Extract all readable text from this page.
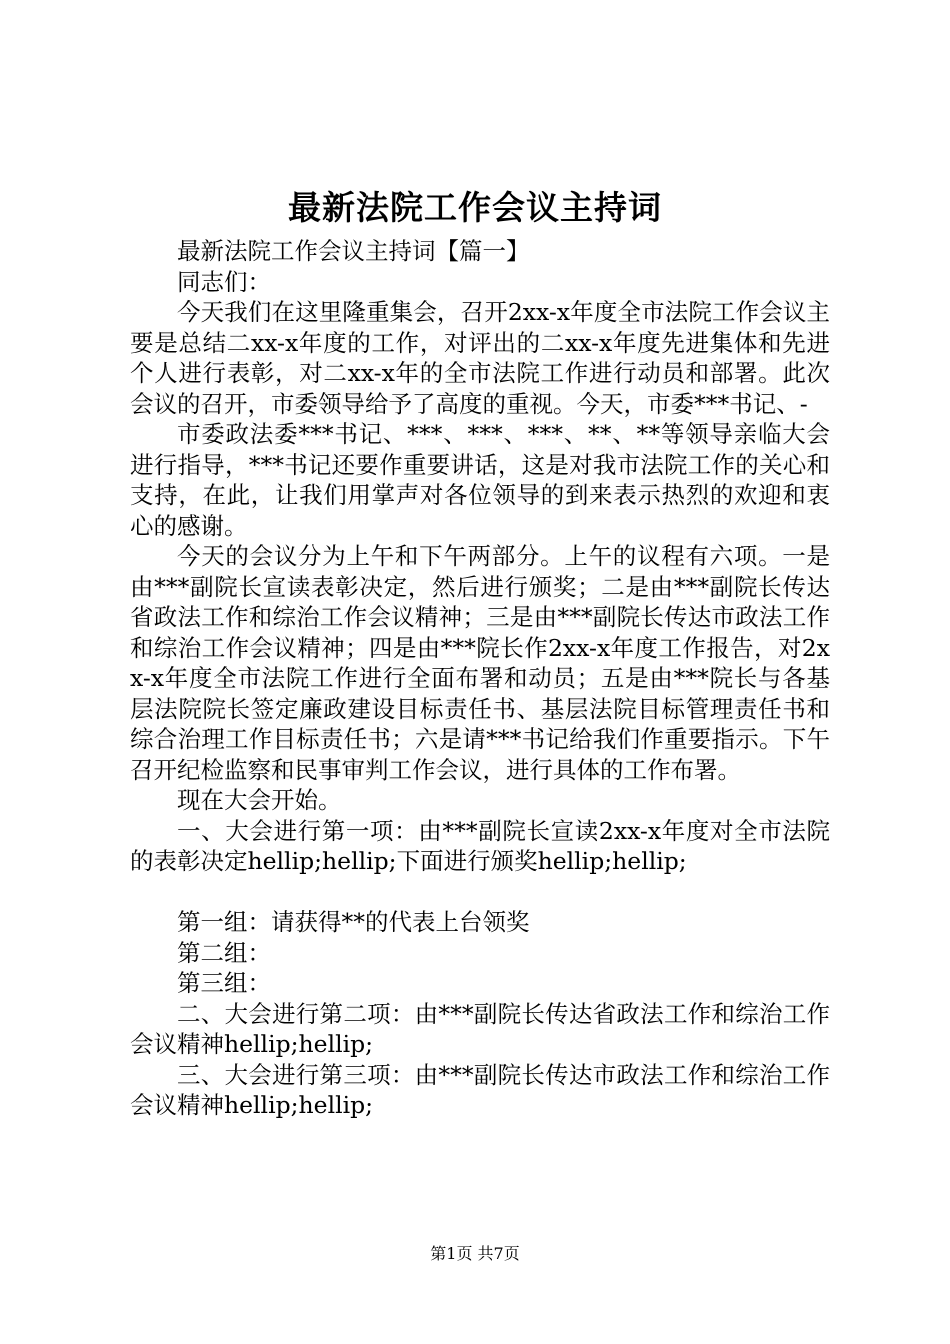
最新法院工作会议主持词

最新法院工作会议主持词【篇一】

同志们：

今天我们在这里隆重集会，召开2xx-x年度全市法院工作会议主要是总结二xx-x年度的工作，对评出的二xx-x年度先进集体和先进个人进行表彰，对二xx-x年的全市法院工作进行动员和部署。此次会议的召开，市委领导给予了高度的重视。今天，市委***书记、-

市委政法委***书记、***、***、***、**、**等领导亲临大会进行指导，***书记还要作重要讲话，这是对我市法院工作的关心和支持，在此，让我们用掌声对各位领导的到来表示热烈的欢迎和衷心的感谢。

今天的会议分为上午和下午两部分。上午的议程有六项。一是由***副院长宣读表彰决定，然后进行颁奖；二是由***副院长传达省政法工作和综治工作会议精神；三是由***副院长传达市政法工作和综治工作会议精神；四是由***院长作2xx-x年度工作报告，对2xx-x年度全市法院工作进行全面布署和动员；五是由***院长与各基层法院院长签定廉政建设目标责任书、基层法院目标管理责任书和综合治理工作目标责任书；六是请***书记给我们作重要指示。下午召开纪检监察和民事审判工作会议，进行具体的工作布署。

现在大会开始。

一、大会进行第一项：由***副院长宣读2xx-x年度对全市法院的表彰决定hellip;hellip;下面进行颁奖hellip;hellip;

第一组：请获得**的代表上台领奖

第二组：

第三组：

二、大会进行第二项：由***副院长传达省政法工作和综治工作会议精神hellip;hellip;

三、大会进行第三项：由***副院长传达市政法工作和综治工作会议精神hellip;hellip;

第1页 共7页
